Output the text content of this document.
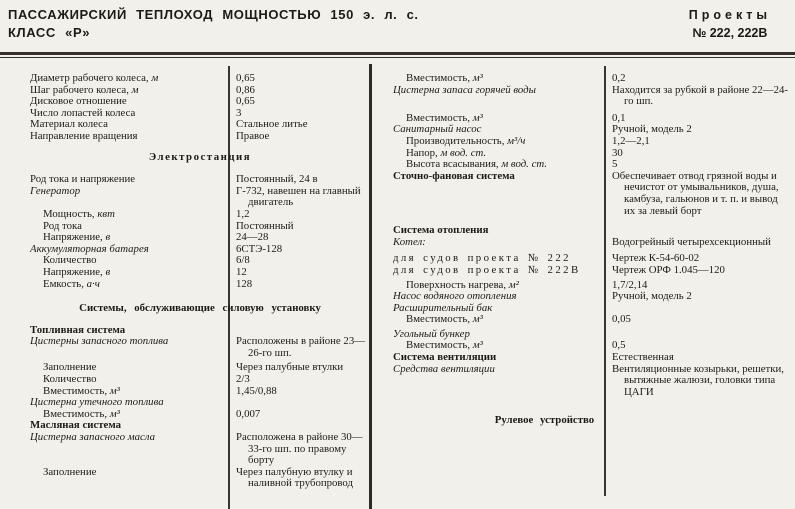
ПАССАЖИРСКИЙ ТЕПЛОХОД МОЩНОСТЬЮ 150 э. л. с.
КЛАСС «Р»
Проекты
№ 222, 222В
Диаметр рабочего колеса, м	0,65
Шаг рабочего колеса, м	0,86
Дисковое отношение	0,65
Число лопастей колеса	3
Материал колеса	Стальное литье
Направление вращения	Правое
Электростанция
Род тока и напряжение	Постоянный, 24 в
Генератор	Г-732, навешен на главный двигатель
Мощность, квт	1,2
Род тока	Постоянный
Напряжение, в	24—28
Аккумуляторная батарея	6СТЭ-128
Количество	6/8
Напряжение, в	12
Емкость, а·ч	128
Системы, обслуживающие силовую установку
Топливная система
Цистерны запасного топлива	Расположены в районе 23—26-го шп.
Заполнение	Через палубные втулки
Количество	2/3
Вместимость, м³	1,45/0,88
Цистерна утечного топлива
Вместимость, м³	0,007
Масляная система
Цистерна запасного масла	Расположена в районе 30—33-го шп. по правому борту
Заполнение	Через палубную втулку и наливной трубопровод
Вместимость, м³	0,2
Цистерна запаса горячей воды	Находится за рубкой в районе 22—24-го шп.
Вместимость, м³	0,1
Санитарный насос	Ручной, модель 2
Производительность, м³/ч	1,2—2,1
Напор, м вод. ст.	30
Высота всасывания, м вод. ст.	5
Сточно-фановая система	Обеспечивает отвод грязной воды и нечистот от умывальников, душа, камбуза, гальюнов и т. п. и вывод их за левый борт
Система отопления
Котел:	Водогрейный четырехсекционный
для судов проекта № 222	Чертеж К-54-60-02
для судов проекта № 222В	Чертеж ОРФ 1.045—120
Поверхность нагрева, м²	1,7/2,14
Насос водяного отопления	Ручной, модель 2
Расширительный бак
Вместимость, м³	0,05
Угольный бункер
Вместимость, м³	0,5
Система вентиляции	Естественная
Средства вентиляции	Вентиляционные козырьки, решетки, вытяжные жалюзи, головки типа ЦАГИ
Рулевое устройство
